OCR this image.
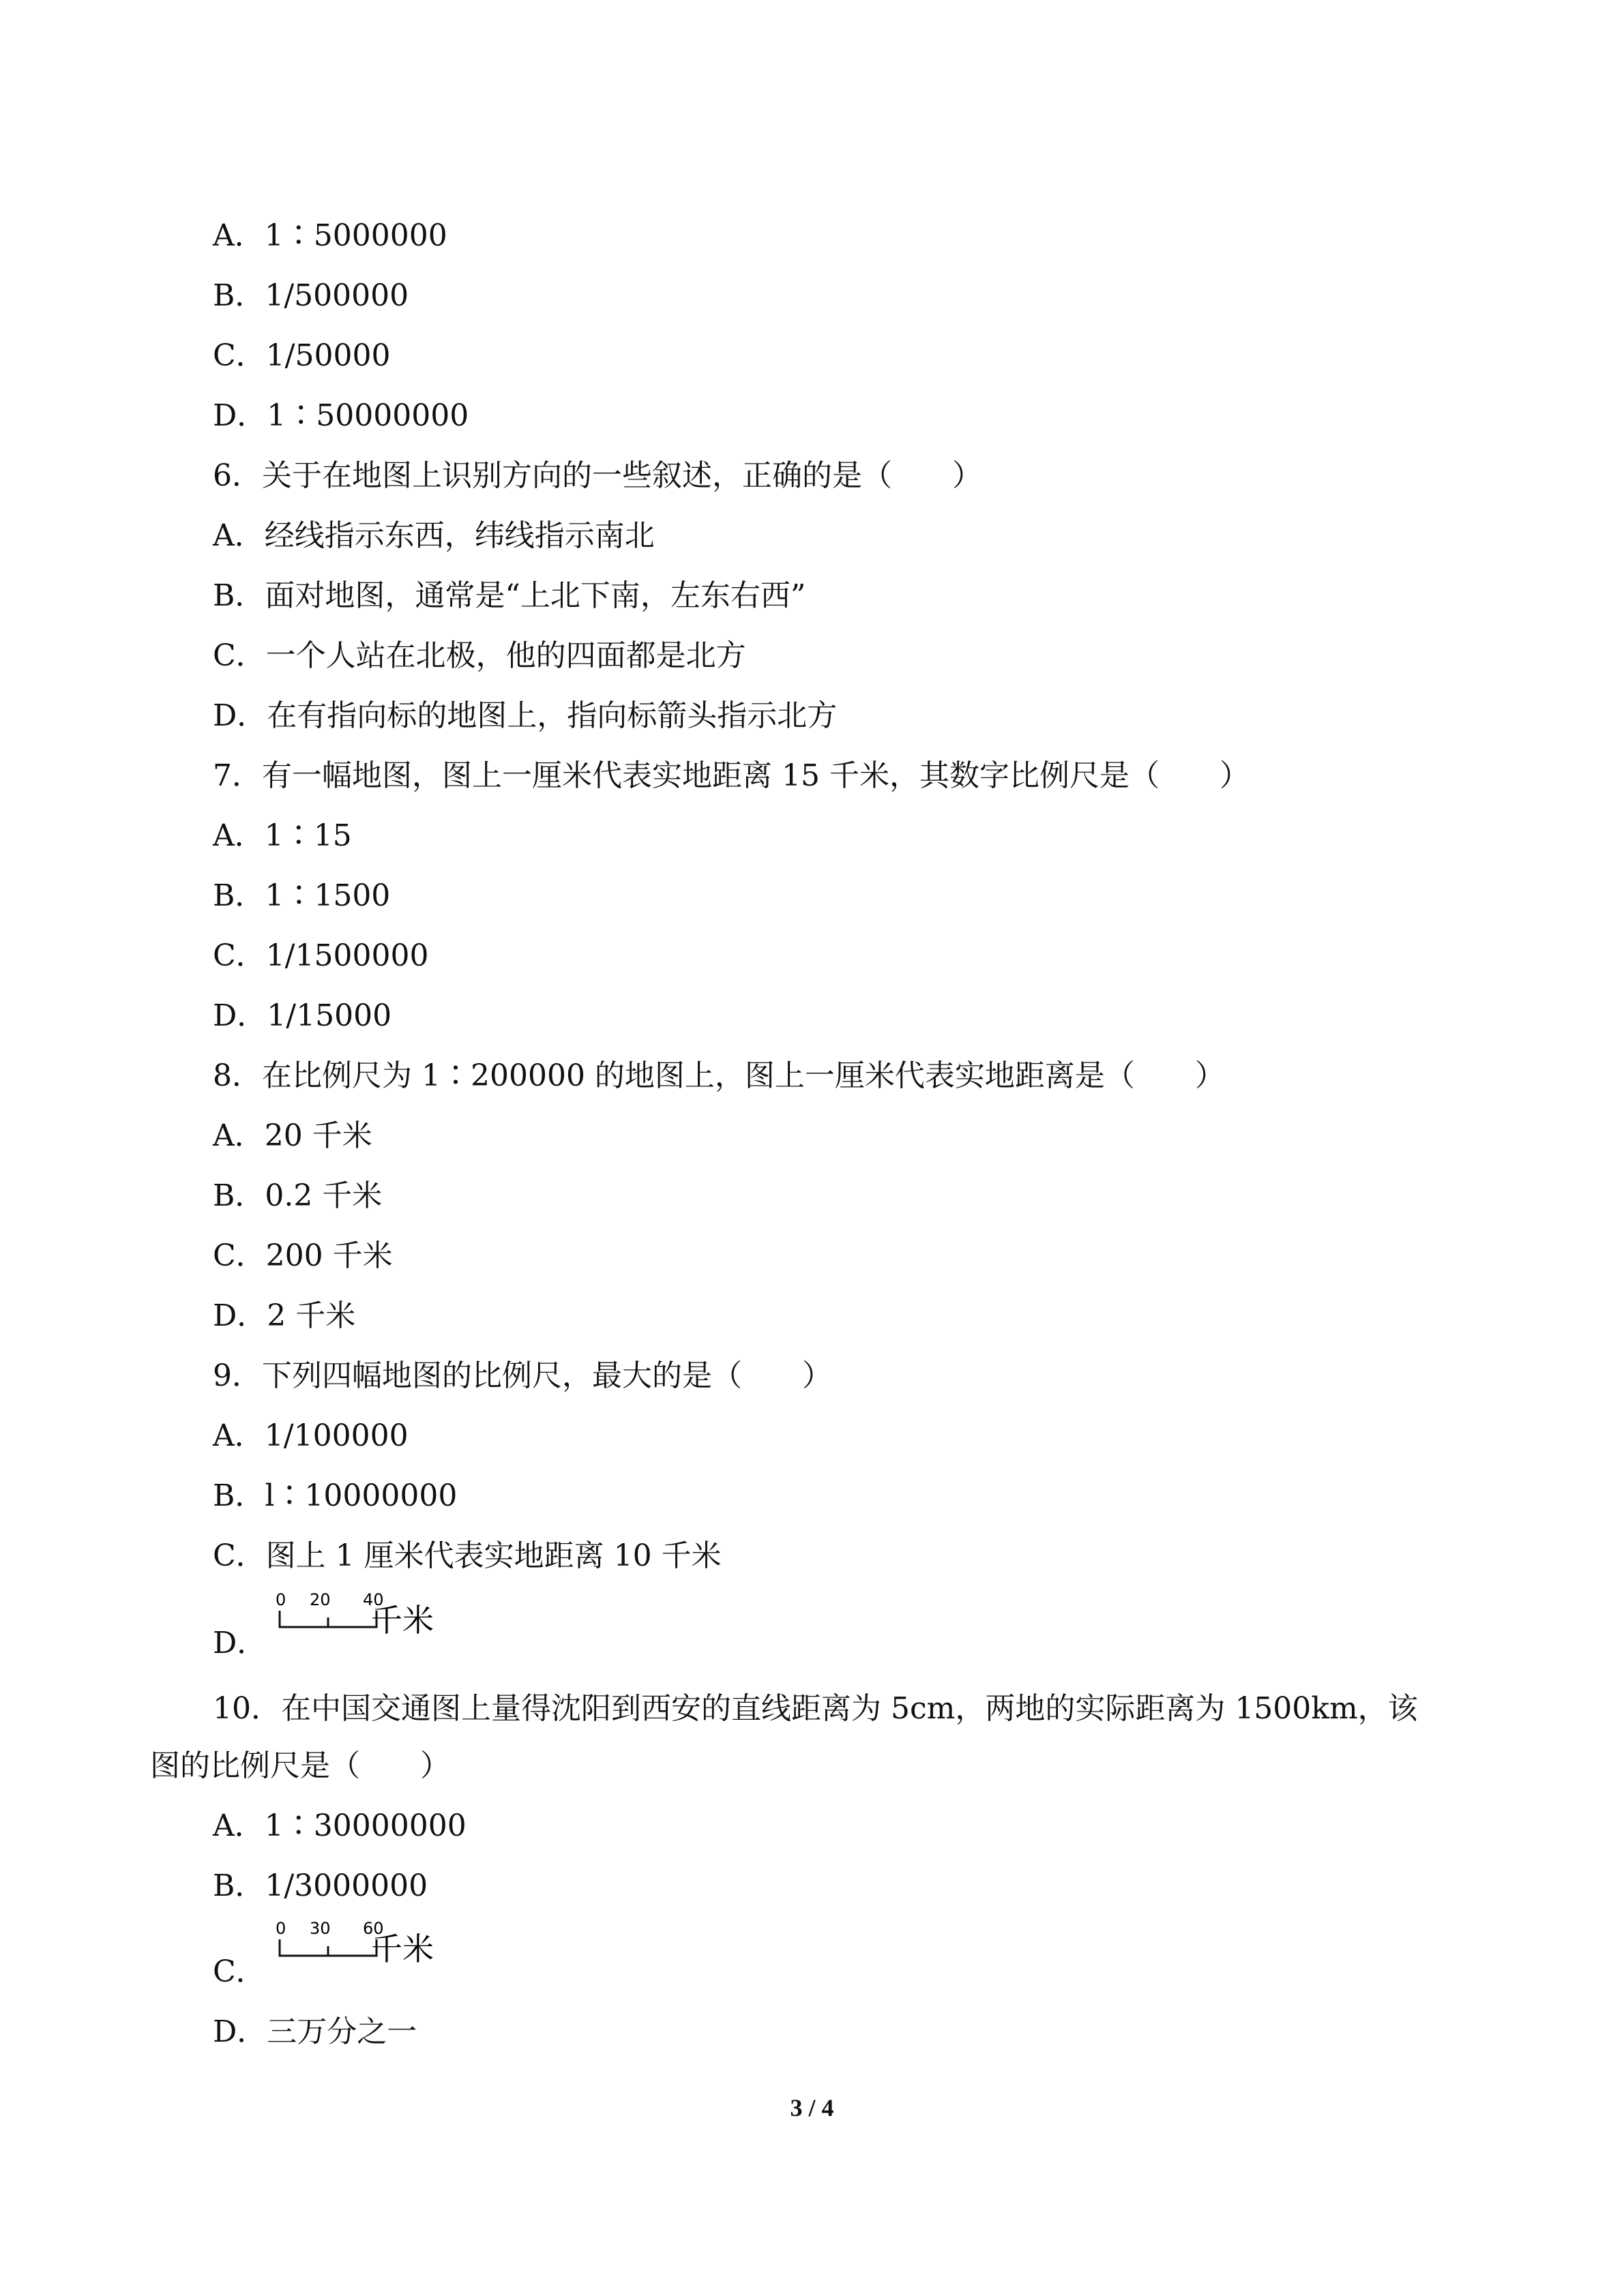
A．1∶5000000
B．1/500000
C．1/50000
D．1∶50000000
6．关于在地图上识别方向的一些叙述，正确的是（　　）
A．经线指示东西，纬线指示南北
B．面对地图，通常是“上北下南，左东右西”
C．一个人站在北极，他的四面都是北方
D．在有指向标的地图上，指向标箭头指示北方
7．有一幅地图，图上一厘米代表实地距离 15 千米，其数字比例尺是（　　）
A．1∶15
B．1∶1500
C．1/1500000
D．1/15000
8．在比例尺为 1∶200000 的地图上，图上一厘米代表实地距离是（　　）
A．20 千米
B．0.2 千米
C．200 千米
D．2 千米
9．下列四幅地图的比例尺，最大的是（　　）
A．1/100000
B．l∶10000000
C．图上 1 厘米代表实地距离 10 千米
D．
0 20 40
千米
10．在中国交通图上量得沈阳到西安的直线距离为 5cm，两地的实际距离为 1500km，该
图的比例尺是（　　）
A．1∶30000000
B．1/3000000
C．
0 30 60
千米
D．三万分之一
3 / 4
